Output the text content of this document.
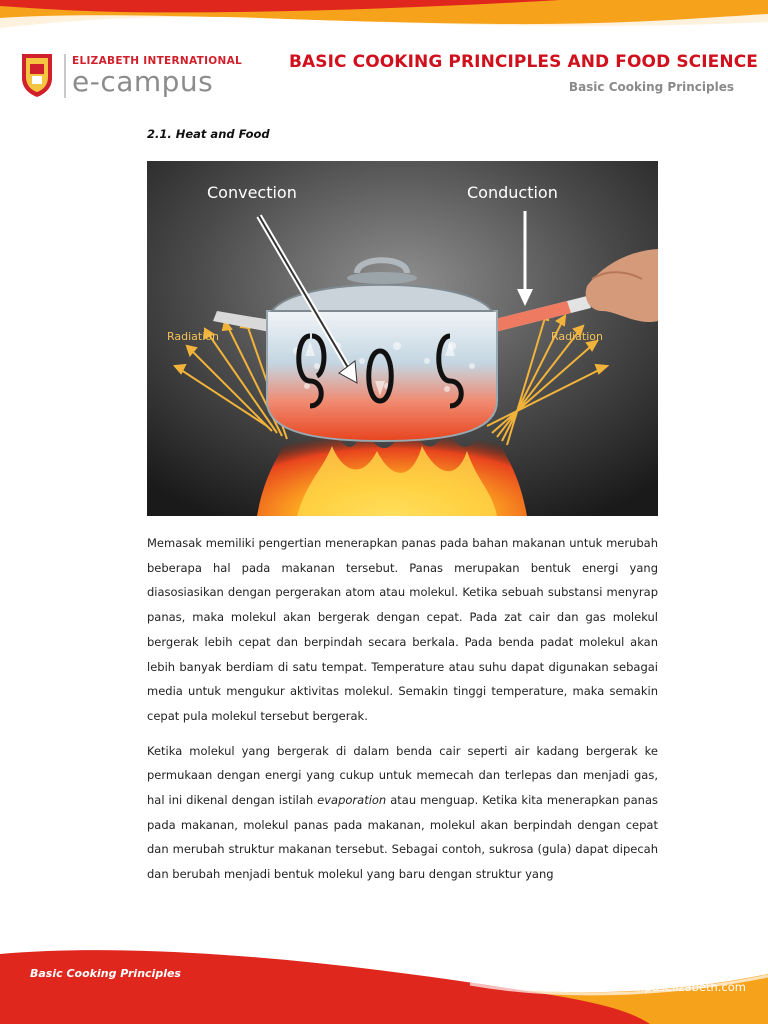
ELIZABETH INTERNATIONAL
e-campus
BASIC COOKING PRINCIPLES AND FOOD SCIENCE
Basic Cooking Principles
2.1. Heat and Food
Convection	Conduction
Radiation	Radiation

Memasak memiliki pengertian menerapkan panas pada bahan makanan untuk merubah beberapa hal pada makanan tersebut. Panas merupakan bentuk energi yang diasosiasikan dengan pergerakan atom atau molekul. Ketika sebuah substansi menyrap panas, maka molekul akan bergerak dengan cepat. Pada zat cair dan gas molekul bergerak lebih cepat dan berpindah secara berkala. Pada benda padat molekul akan lebih banyak berdiam di satu tempat. Temperature atau suhu dapat digunakan sebagai media untuk mengukur aktivitas molekul. Semakin tinggi temperature, maka semakin cepat pula molekul tersebut bergerak.

Ketika molekul yang bergerak di dalam benda cair seperti air kadang bergerak ke permukaan dengan energi yang cukup untuk memecah dan terlepas dan menjadi gas, hal ini dikenal dengan istilah evaporation atau menguap. Ketika kita menerapkan panas pada makanan, molekul panas pada makanan, molekul akan berpindah dengan cepat dan merubah struktur makanan tersebut. Sebagai contoh, sukrosa (gula) dapat dipecah dan berubah menjadi bentuk molekul yang baru dengan struktur yang

Basic Cooking Principles
kampuselizabeth.com
